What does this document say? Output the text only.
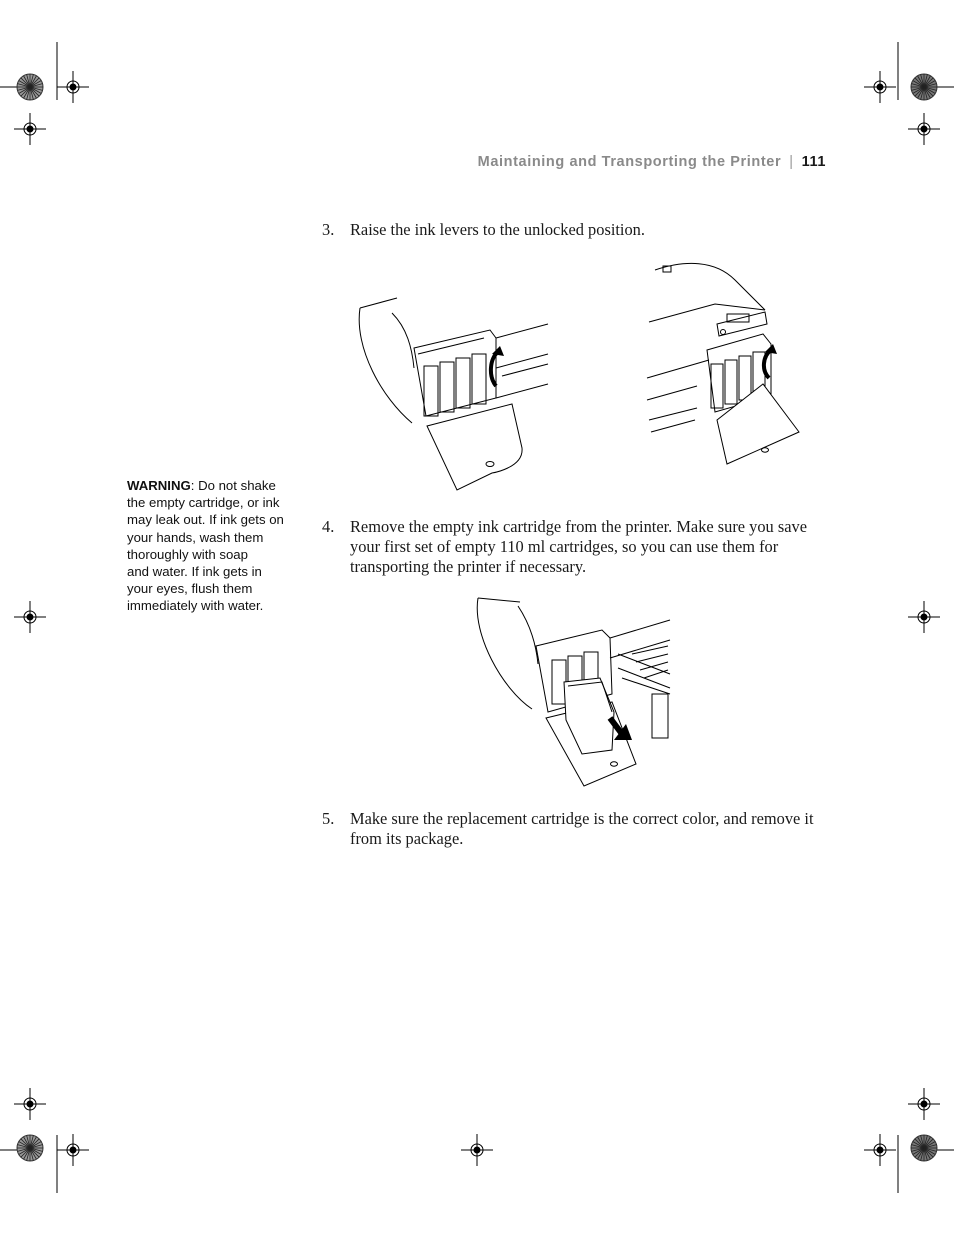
Maintaining and Transporting the Printer | 111
3. Raise the ink levers to the unlocked position.
WARNING: Do not shake
the empty cartridge, or ink
may leak out. If ink gets on
your hands, wash them
thoroughly with soap
and water. If ink gets in
your eyes, flush them
immediately with water.
4. Remove the empty ink cartridge from the printer. Make sure you save
your first set of empty 110 ml cartridges, so you can use them for
transporting the printer if necessary.
5. Make sure the replacement cartridge is the correct color, and remove it
from its package.
